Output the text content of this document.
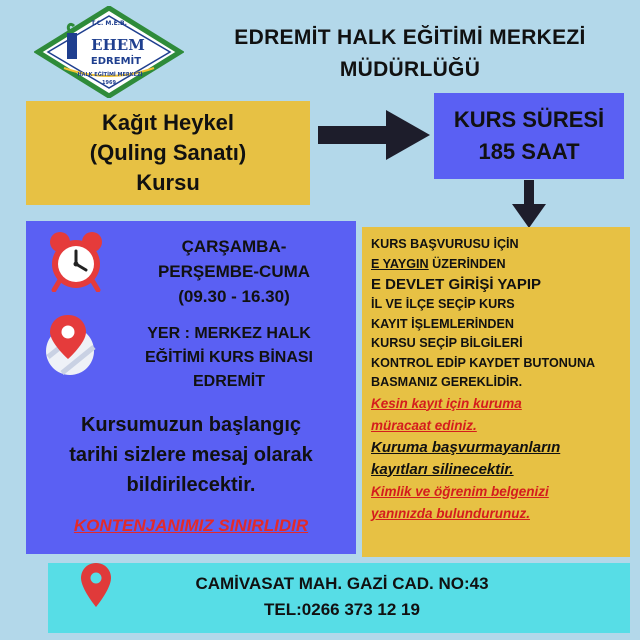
T.C. M.E.B.
EHEM
EDREMİT
HALK EĞİTİMİ MERKEZİ
1969
EDREMİT HALK EĞİTİMİ MERKEZİ
MÜDÜRLÜĞÜ
Kağıt Heykel
(Quling Sanatı)
Kursu
KURS SÜRESİ
185 SAAT
ÇARŞAMBA-
PERŞEMBE-CUMA
(09.30 - 16.30)
YER : MERKEZ HALK
EĞİTİMİ KURS BİNASI
EDREMİT
Kursumuzun başlangıç
tarihi sizlere mesaj olarak
bildirilecektir.
KONTENJANIMIZ SINIRLIDIR

KURS BAŞVURUSU İÇİN

E YAYGIN ÜZERİNDEN

E DEVLET GİRİŞİ YAPIP

İL VE İLÇE SEÇİP KURS

KAYIT İŞLEMLERİNDEN

KURSU SEÇİP BİLGİLERİ

KONTROL EDİP KAYDET BUTONUNA

BASMANIZ GEREKLİDİR.

Kesin kayıt için kuruma

müracaat ediniz.

Kuruma başvurmayanların

kayıtları silinecektir.

Kimlik ve öğrenim belgenizi

yanınızda bulundurunuz.

CAMİVASAT MAH. GAZİ CAD. NO:43
TEL:0266 373 12 19
